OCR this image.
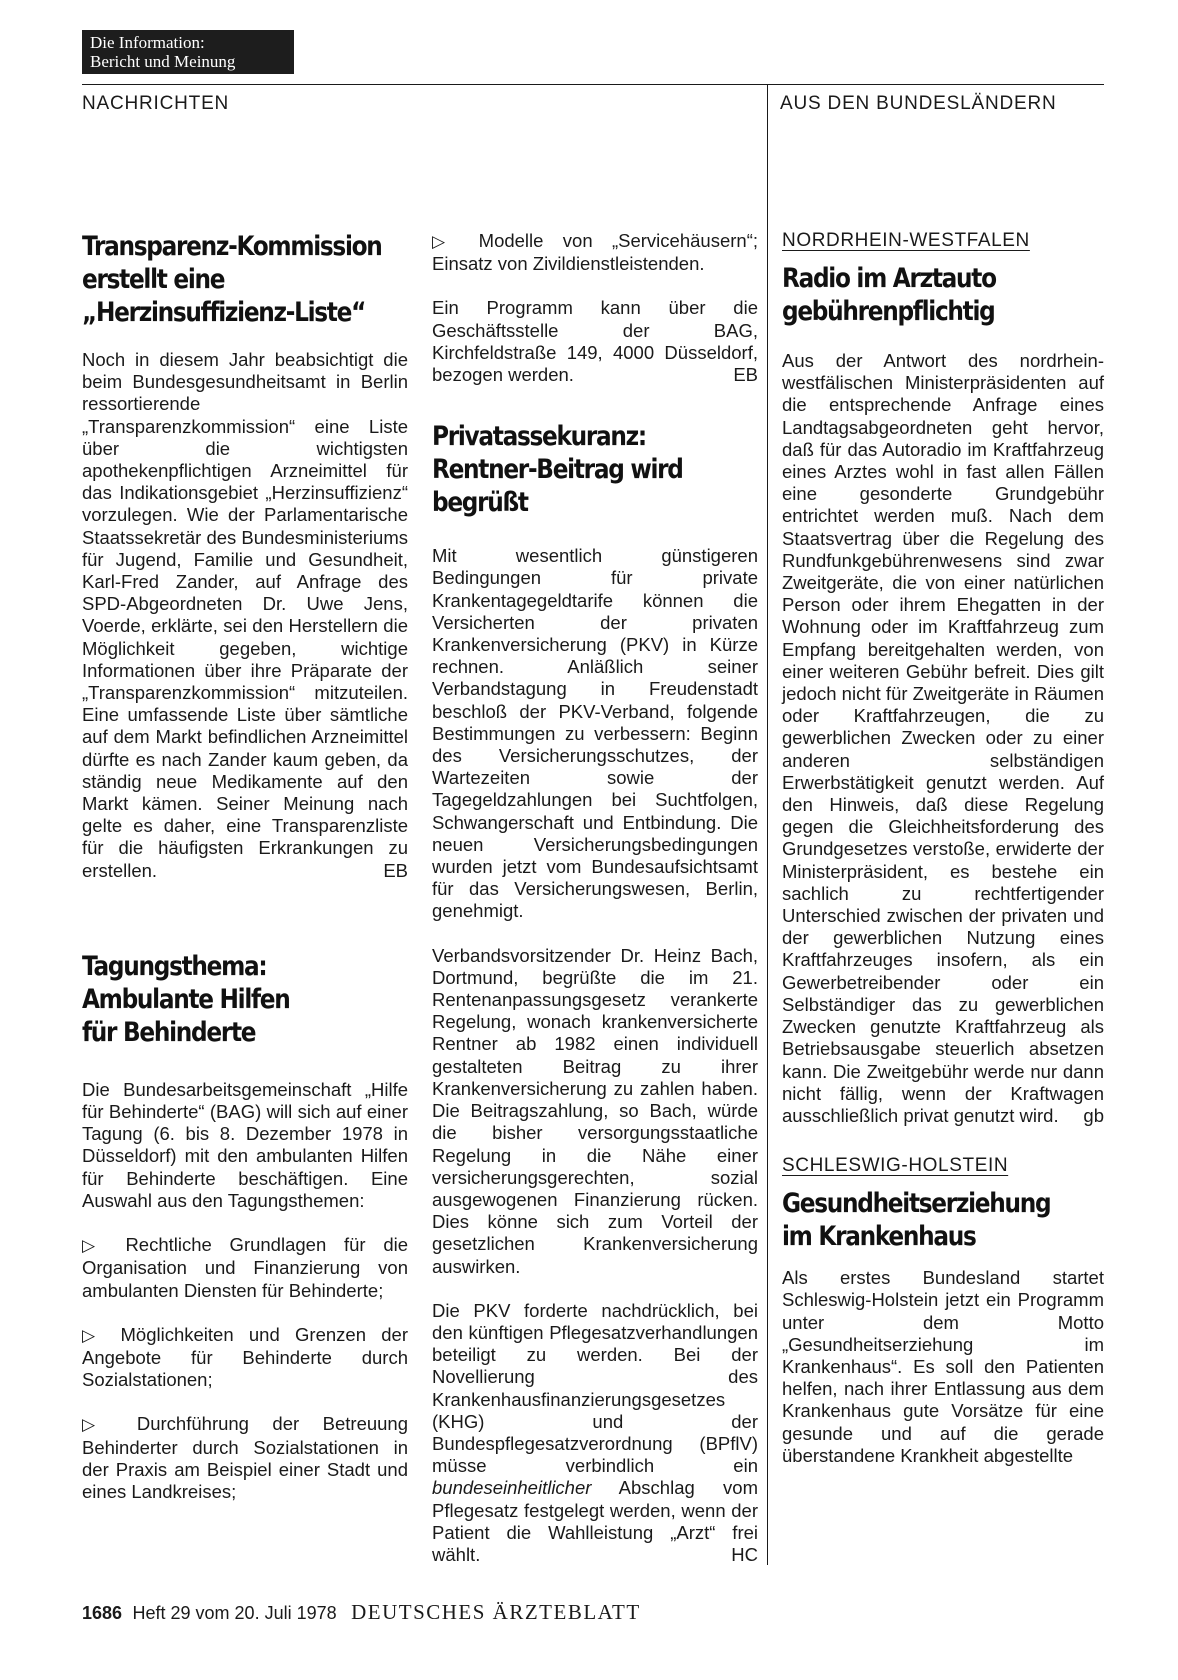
Die Information:
Bericht und Meinung
NACHRICHTEN	AUS DEN BUNDESLÄNDERN
Transparenz-Kommission
erstellt eine
„Herzinsuffizienz-Liste“

Noch in diesem Jahr beabsichtigt die beim Bundesgesundheitsamt in Berlin ressortierende „Transparenzkommission“ eine Liste über die wichtigsten apothekenpflichtigen Arzneimittel für das Indikationsgebiet „Herzinsuffizienz“ vorzulegen. Wie der Parlamentarische Staatssekretär des Bundesministeriums für Jugend, Familie und Gesundheit, Karl-Fred Zander, auf Anfrage des SPD-Abgeordneten Dr. Uwe Jens, Voerde, erklärte, sei den Herstellern die Möglichkeit gegeben, wichtige Informationen über ihre Präparate der „Transparenzkommission“ mitzuteilen. Eine umfassende Liste über sämtliche auf dem Markt befindlichen Arzneimittel dürfte es nach Zander kaum geben, da ständig neue Medikamente auf den Markt kämen. Seiner Meinung nach gelte es daher, eine Transparenzliste für die häufigsten Erkrankungen zu erstellen.	EB

Tagungsthema:
Ambulante Hilfen
für Behinderte

Die Bundesarbeitsgemeinschaft „Hilfe für Behinderte“ (BAG) will sich auf einer Tagung (6. bis 8. Dezember 1978 in Düsseldorf) mit den ambulanten Hilfen für Behinderte beschäftigen. Eine Auswahl aus den Tagungsthemen:

▷ Rechtliche Grundlagen für die Organisation und Finanzierung von ambulanten Diensten für Behinderte;

▷ Möglichkeiten und Grenzen der Angebote für Behinderte durch Sozialstationen;

▷ Durchführung der Betreuung Behinderter durch Sozialstationen in der Praxis am Beispiel einer Stadt und eines Landkreises;

▷ Modelle von „Servicehäusern“; Einsatz von Zivildienstleistenden.

Ein Programm kann über die Geschäftsstelle der BAG, Kirchfeldstraße 149, 4000 Düsseldorf, bezogen werden.	EB

Privatassekuranz:
Rentner-Beitrag wird
begrüßt

Mit wesentlich günstigeren Bedingungen für private Krankentagegeldtarife können die Versicherten der privaten Krankenversicherung (PKV) in Kürze rechnen. Anläßlich seiner Verbandstagung in Freudenstadt beschloß der PKV-Verband, folgende Bestimmungen zu verbessern: Beginn des Versicherungsschutzes, der Wartezeiten sowie der Tagegeldzahlungen bei Suchtfolgen, Schwangerschaft und Entbindung. Die neuen Versicherungsbedingungen wurden jetzt vom Bundesaufsichtsamt für das Versicherungswesen, Berlin, genehmigt.

Verbandsvorsitzender Dr. Heinz Bach, Dortmund, begrüßte die im 21. Rentenanpassungsgesetz verankerte Regelung, wonach krankenversicherte Rentner ab 1982 einen individuell gestalteten Beitrag zu ihrer Krankenversicherung zu zahlen haben. Die Beitragszahlung, so Bach, würde die bisher versorgungsstaatliche Regelung in die Nähe einer versicherungsgerechten, sozial ausgewogenen Finanzierung rücken. Dies könne sich zum Vorteil der gesetzlichen Krankenversicherung auswirken.

Die PKV forderte nachdrücklich, bei den künftigen Pflegesatzverhandlungen beteiligt zu werden. Bei der Novellierung des Krankenhausfinanzierungsgesetzes (KHG) und der Bundespflegesatzverordnung (BPflV) müsse verbindlich ein bundeseinheitlicher Abschlag vom Pflegesatz festgelegt werden, wenn der Patient die Wahlleistung „Arzt“ frei wählt.	HC

NORDRHEIN-WESTFALEN

Radio im Arztauto
gebührenpflichtig

Aus der Antwort des nordrhein-westfälischen Ministerpräsidenten auf die entsprechende Anfrage eines Landtagsabgeordneten geht hervor, daß für das Autoradio im Kraftfahrzeug eines Arztes wohl in fast allen Fällen eine gesonderte Grundgebühr entrichtet werden muß. Nach dem Staatsvertrag über die Regelung des Rundfunkgebührenwesens sind zwar Zweitgeräte, die von einer natürlichen Person oder ihrem Ehegatten in der Wohnung oder im Kraftfahrzeug zum Empfang bereitgehalten werden, von einer weiteren Gebühr befreit. Dies gilt jedoch nicht für Zweitgeräte in Räumen oder Kraftfahrzeugen, die zu gewerblichen Zwecken oder zu einer anderen selbständigen Erwerbstätigkeit genutzt werden. Auf den Hinweis, daß diese Regelung gegen die Gleichheitsforderung des Grundgesetzes verstoße, erwiderte der Ministerpräsident, es bestehe ein sachlich zu rechtfertigender Unterschied zwischen der privaten und der gewerblichen Nutzung eines Kraftfahrzeuges insofern, als ein Gewerbetreibender oder ein Selbständiger das zu gewerblichen Zwecken genutzte Kraftfahrzeug als Betriebsausgabe steuerlich absetzen kann. Die Zweitgebühr werde nur dann nicht fällig, wenn der Kraftwagen ausschließlich privat genutzt wird. gb

SCHLESWIG-HOLSTEIN

Gesundheitserziehung
im Krankenhaus

Als erstes Bundesland startet Schleswig-Holstein jetzt ein Programm unter dem Motto „Gesundheitserziehung im Krankenhaus“. Es soll den Patienten helfen, nach ihrer Entlassung aus dem Krankenhaus gute Vorsätze für eine gesunde und auf die gerade überstandene Krankheit abgestellte

1686 Heft 29 vom 20. Juli 1978 DEUTSCHES ÄRZTEBLATT
